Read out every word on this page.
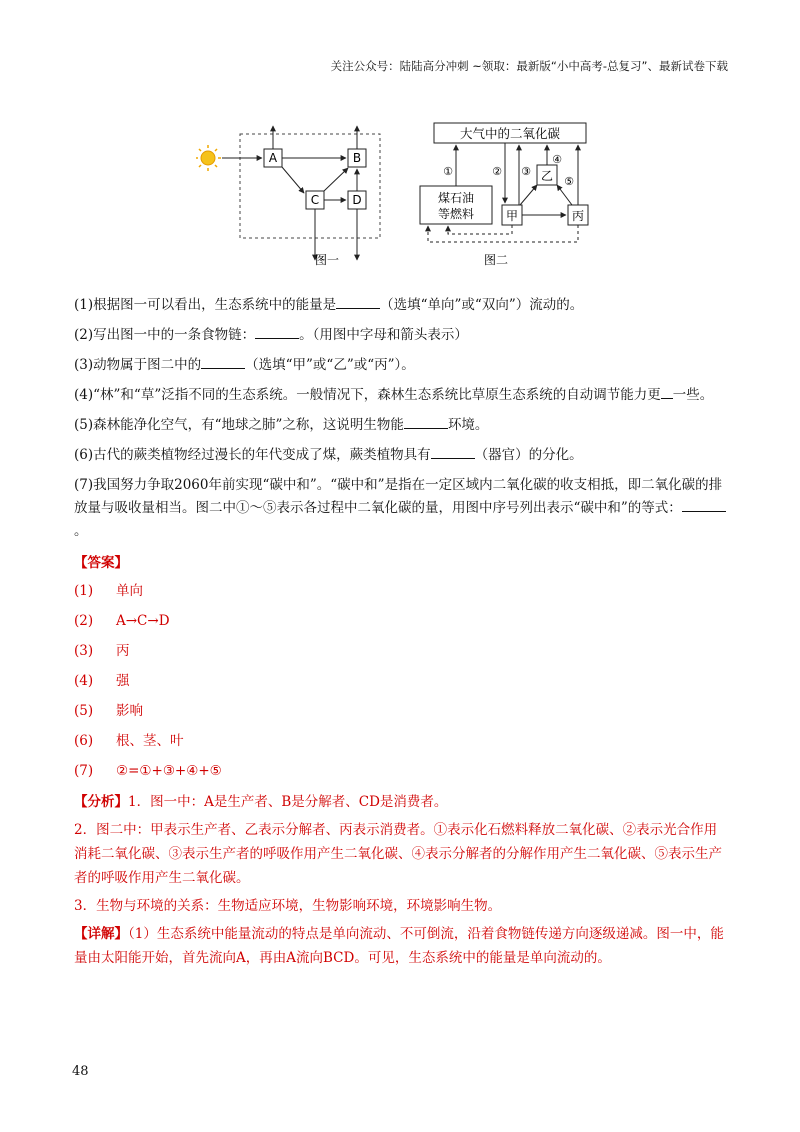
关注公众号：陆陆高分冲刺 ~领取：最新版“小中高考-总复习”、最新试卷下载
A	B
C	D
图一
大气中的二氧化碳
煤石油
等燃料	甲
乙
丙
①	② ③
④
⑤
图二
(1)根据图一可以看出，生态系统中的能量是	（选填“单向”或“双向”）流动的。
(2)写出图一中的一条食物链：	。（用图中字母和箭头表示）
(3)动物属于图二中的	（选填“甲”或“乙”或“丙”）。
(4)“林”和“草”泛指不同的生态系统。一般情况下，森林生态系统比草原生态系统的自动调节能力更 一些。
(5)森林能净化空气，有“地球之肺”之称，这说明生物能	环境。
(6)古代的蕨类植物经过漫长的年代变成了煤，蕨类植物具有	（器官）的分化。
(7)我国努力争取2060年前实现“碳中和”。“碳中和”是指在一定区域内二氧化碳的收支相抵，即二氧化碳的排放量与吸收量相当。图二中①～⑤表示各过程中二氧化碳的量，用图中序号列出表示“碳中和”的等式：。
【答案】
(1)	单向
(2)	A→C→D
(3)	丙
(4)	强
(5)	影响
(6)	根、茎、叶
(7)	②=①+③+④+⑤
【分析】1．图一中：A是生产者、B是分解者、CD是消费者。
2．图二中：甲表示生产者、乙表示分解者、丙表示消费者。①表示化石燃料释放二氧化碳、②表示光合作用消耗二氧化碳、③表示生产者的呼吸作用产生二氧化碳、④表示分解者的分解作用产生二氧化碳、⑤表示生产者的呼吸作用产生二氧化碳。
3．生物与环境的关系：生物适应环境，生物影响环境，环境影响生物。
【详解】（1）生态系统中能量流动的特点是单向流动、不可倒流，沿着食物链传递方向逐级递减。图一中，能量由太阳能开始，首先流向A，再由A流向BCD。可见，生态系统中的能量是单向流动的。
48
